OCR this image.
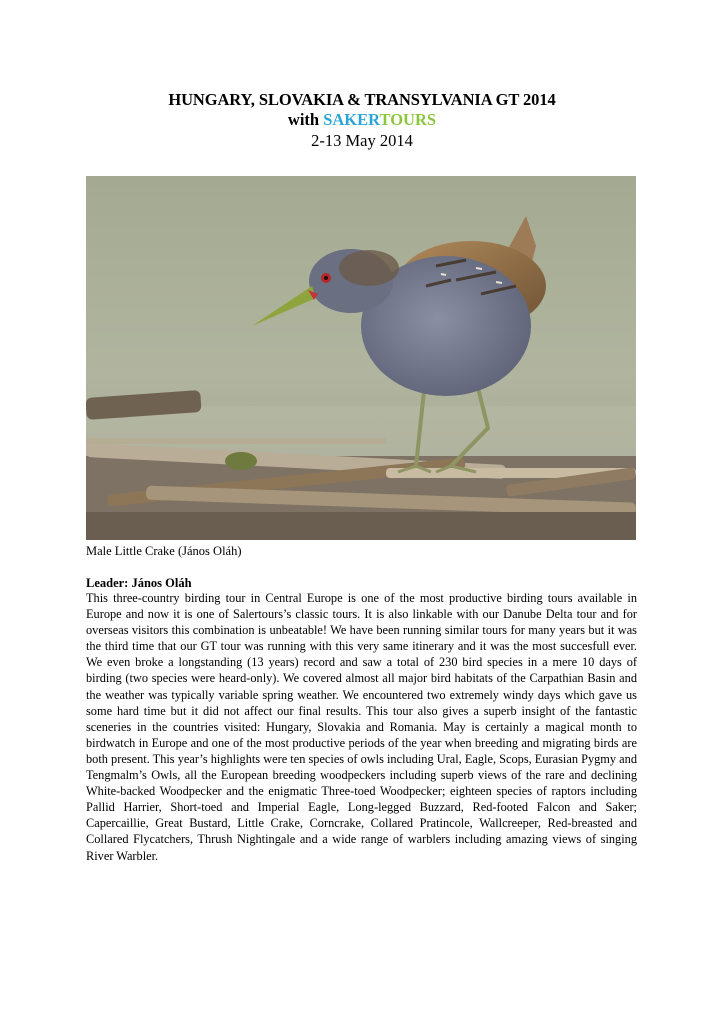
HUNGARY, SLOVAKIA & TRANSYLVANIA GT 2014
with SAKERTOURS
2-13 May 2014
Male Little Crake (János Oláh)
Leader: János Oláh
This three-country birding tour in Central Europe is one of the most productive birding tours available in Europe and now it is one of Salertours’s classic tours. It is also linkable with our Danube Delta tour and for overseas visitors this combination is unbeatable! We have been running similar tours for many years but it was the third time that our GT tour was running with this very same itinerary and it was the most succesfull ever. We even broke a longstanding (13 years) record and saw a total of 230 bird species in a mere 10 days of birding (two species were heard-only). We covered almost all major bird habitats of the Carpathian Basin and the weather was typically variable spring weather. We encountered two extremely windy days which gave us some hard time but it did not affect our final results. This tour also gives a superb insight of the fantastic sceneries in the countries visited: Hungary, Slovakia and Romania. May is certainly a magical month to birdwatch in Europe and one of the most productive periods of the year when breeding and migrating birds are both present. This year’s highlights were ten species of owls including Ural, Eagle, Scops, Eurasian Pygmy and Tengmalm’s Owls, all the European breeding woodpeckers including superb views of the rare and declining White-backed Woodpecker and the enigmatic Three-toed Woodpecker; eighteen species of raptors including Pallid Harrier, Short-toed and Imperial Eagle, Long-legged Buzzard, Red-footed Falcon and Saker; Capercaillie, Great Bustard, Little Crake, Corncrake, Collared Pratincole, Wallcreeper, Red-breasted and Collared Flycatchers, Thrush Nightingale and a wide range of warblers including amazing views of singing River Warbler.
